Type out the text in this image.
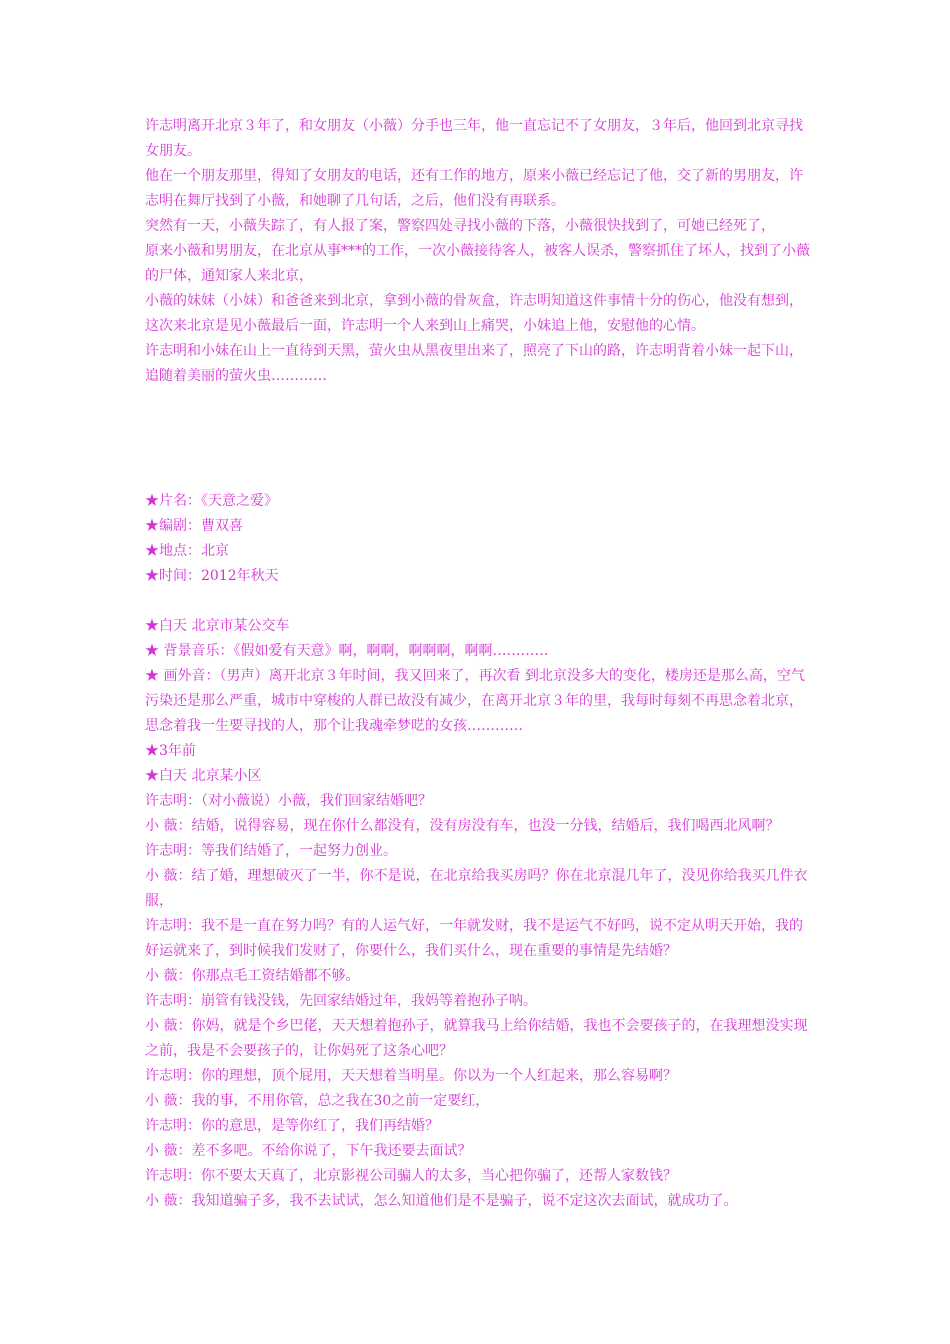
许志明离开北京３年了，和女朋友（小薇）分手也三年，他一直忘记不了女朋友，３年后，他回到北京寻找女朋友。

他在一个朋友那里，得知了女朋友的电话，还有工作的地方，原来小薇已经忘记了他，交了新的男朋友，许志明在舞厅找到了小薇，和她聊了几句话，之后，他们没有再联系。

突然有一天，小薇失踪了，有人报了案，警察四处寻找小薇的下落，小薇很快找到了，可她已经死了，

原来小薇和男朋友，在北京从事***的工作，一次小薇接待客人，被客人误杀，警察抓住了坏人，找到了小薇的尸体，通知家人来北京，

小薇的妹妹（小妹）和爸爸来到北京，拿到小薇的骨灰盒，许志明知道这件事情十分的伤心，他没有想到，这次来北京是见小薇最后一面，许志明一个人来到山上痛哭，小妹追上他，安慰他的心情。

许志明和小妹在山上一直待到天黑，萤火虫从黑夜里出来了，照亮了下山的路，许志明背着小妹一起下山，追随着美丽的萤火虫…………

★片名：《天意之爱》

★编剧：曹双喜

★地点：北京

★时间：2012年秋天

★白天 北京市某公交车

★ 背景音乐：《假如爱有天意》啊，啊啊，啊啊啊，啊啊…………

★ 画外音：（男声）离开北京３年时间，我又回来了，再次看 到北京没多大的变化，楼房还是那么高，空气污染还是那么严重，城市中穿梭的人群已故没有减少，在离开北京３年的里，我每时每刻不再思念着北京，思念着我一生要寻找的人，那个让我魂牵梦呓的女孩…………

★3年前

★白天 北京某小区

许志明：（对小薇说）小薇，我们回家结婚吧？

小 薇：结婚，说得容易，现在你什么都没有，没有房没有车，也没一分钱，结婚后，我们喝西北风啊？

许志明：等我们结婚了，一起努力创业。

小 薇：结了婚，理想破灭了一半，你不是说，在北京给我买房吗？你在北京混几年了，没见你给我买几件衣服，

许志明：我不是一直在努力吗？有的人运气好，一年就发财，我不是运气不好吗，说不定从明天开始，我的好运就来了，到时候我们发财了，你要什么，我们买什么，现在重要的事情是先结婚？

小 薇：你那点毛工资结婚都不够。

许志明：崩管有钱没钱，先回家结婚过年，我妈等着抱孙子呐。

小 薇：你妈，就是个乡巴佬，天天想着抱孙子，就算我马上给你结婚，我也不会要孩子的，在我理想没实现之前，我是不会要孩子的，让你妈死了这条心吧？

许志明：你的理想，顶个屁用，天天想着当明星。你以为一个人红起来，那么容易啊？

小 薇：我的事，不用你管，总之我在30之前一定要红，

许志明：你的意思，是等你红了，我们再结婚？

小 薇：差不多吧。不给你说了，下午我还要去面试？

许志明：你不要太天真了，北京影视公司骗人的太多，当心把你骗了，还帮人家数钱？

小 薇：我知道骗子多，我不去试试，怎么知道他们是不是骗子，说不定这次去面试，就成功了。
